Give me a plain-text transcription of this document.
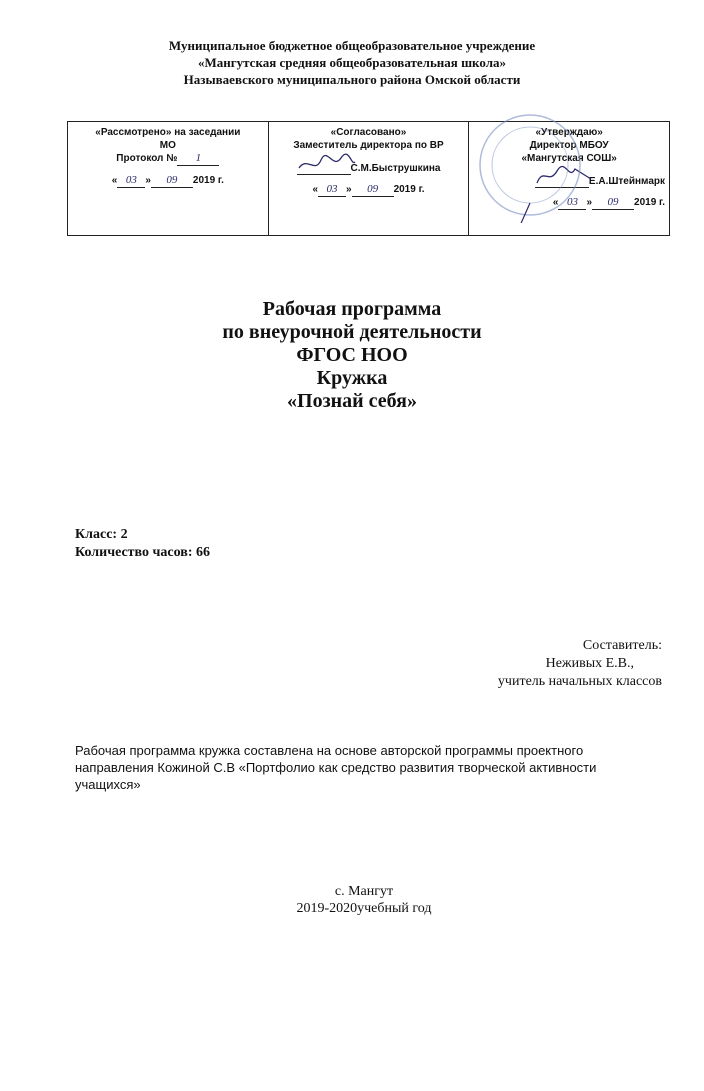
Муниципальное бюджетное общеобразовательное учреждение
«Мангутская средняя общеобразовательная школа»
Называевского муниципального района Омской области
«Рассмотрено» на заседании
МО
Протокол № 1
« 03 » 09 2019 г.

«Согласовано»
Заместитель директора по ВР
С.М.Быструшкина
« 03 » 09 2019 г.

«Утверждаю»
Директор МБОУ
«Мангутская СОШ»
Е.А.Штейнмарк
« 03 » 09 2019 г.
Рабочая программа
по внеурочной деятельности
ФГОС НОО
Кружка
«Познай себя»
Класс: 2
Количество часов: 66
Составитель:
Неживых Е.В.,
учитель начальных классов
Рабочая программа кружка составлена на основе авторской программы проектного направления Кожиной С.В «Портфолио как средство развития творческой активности учащихся»
с. Мангут
2019-2020учебный год
